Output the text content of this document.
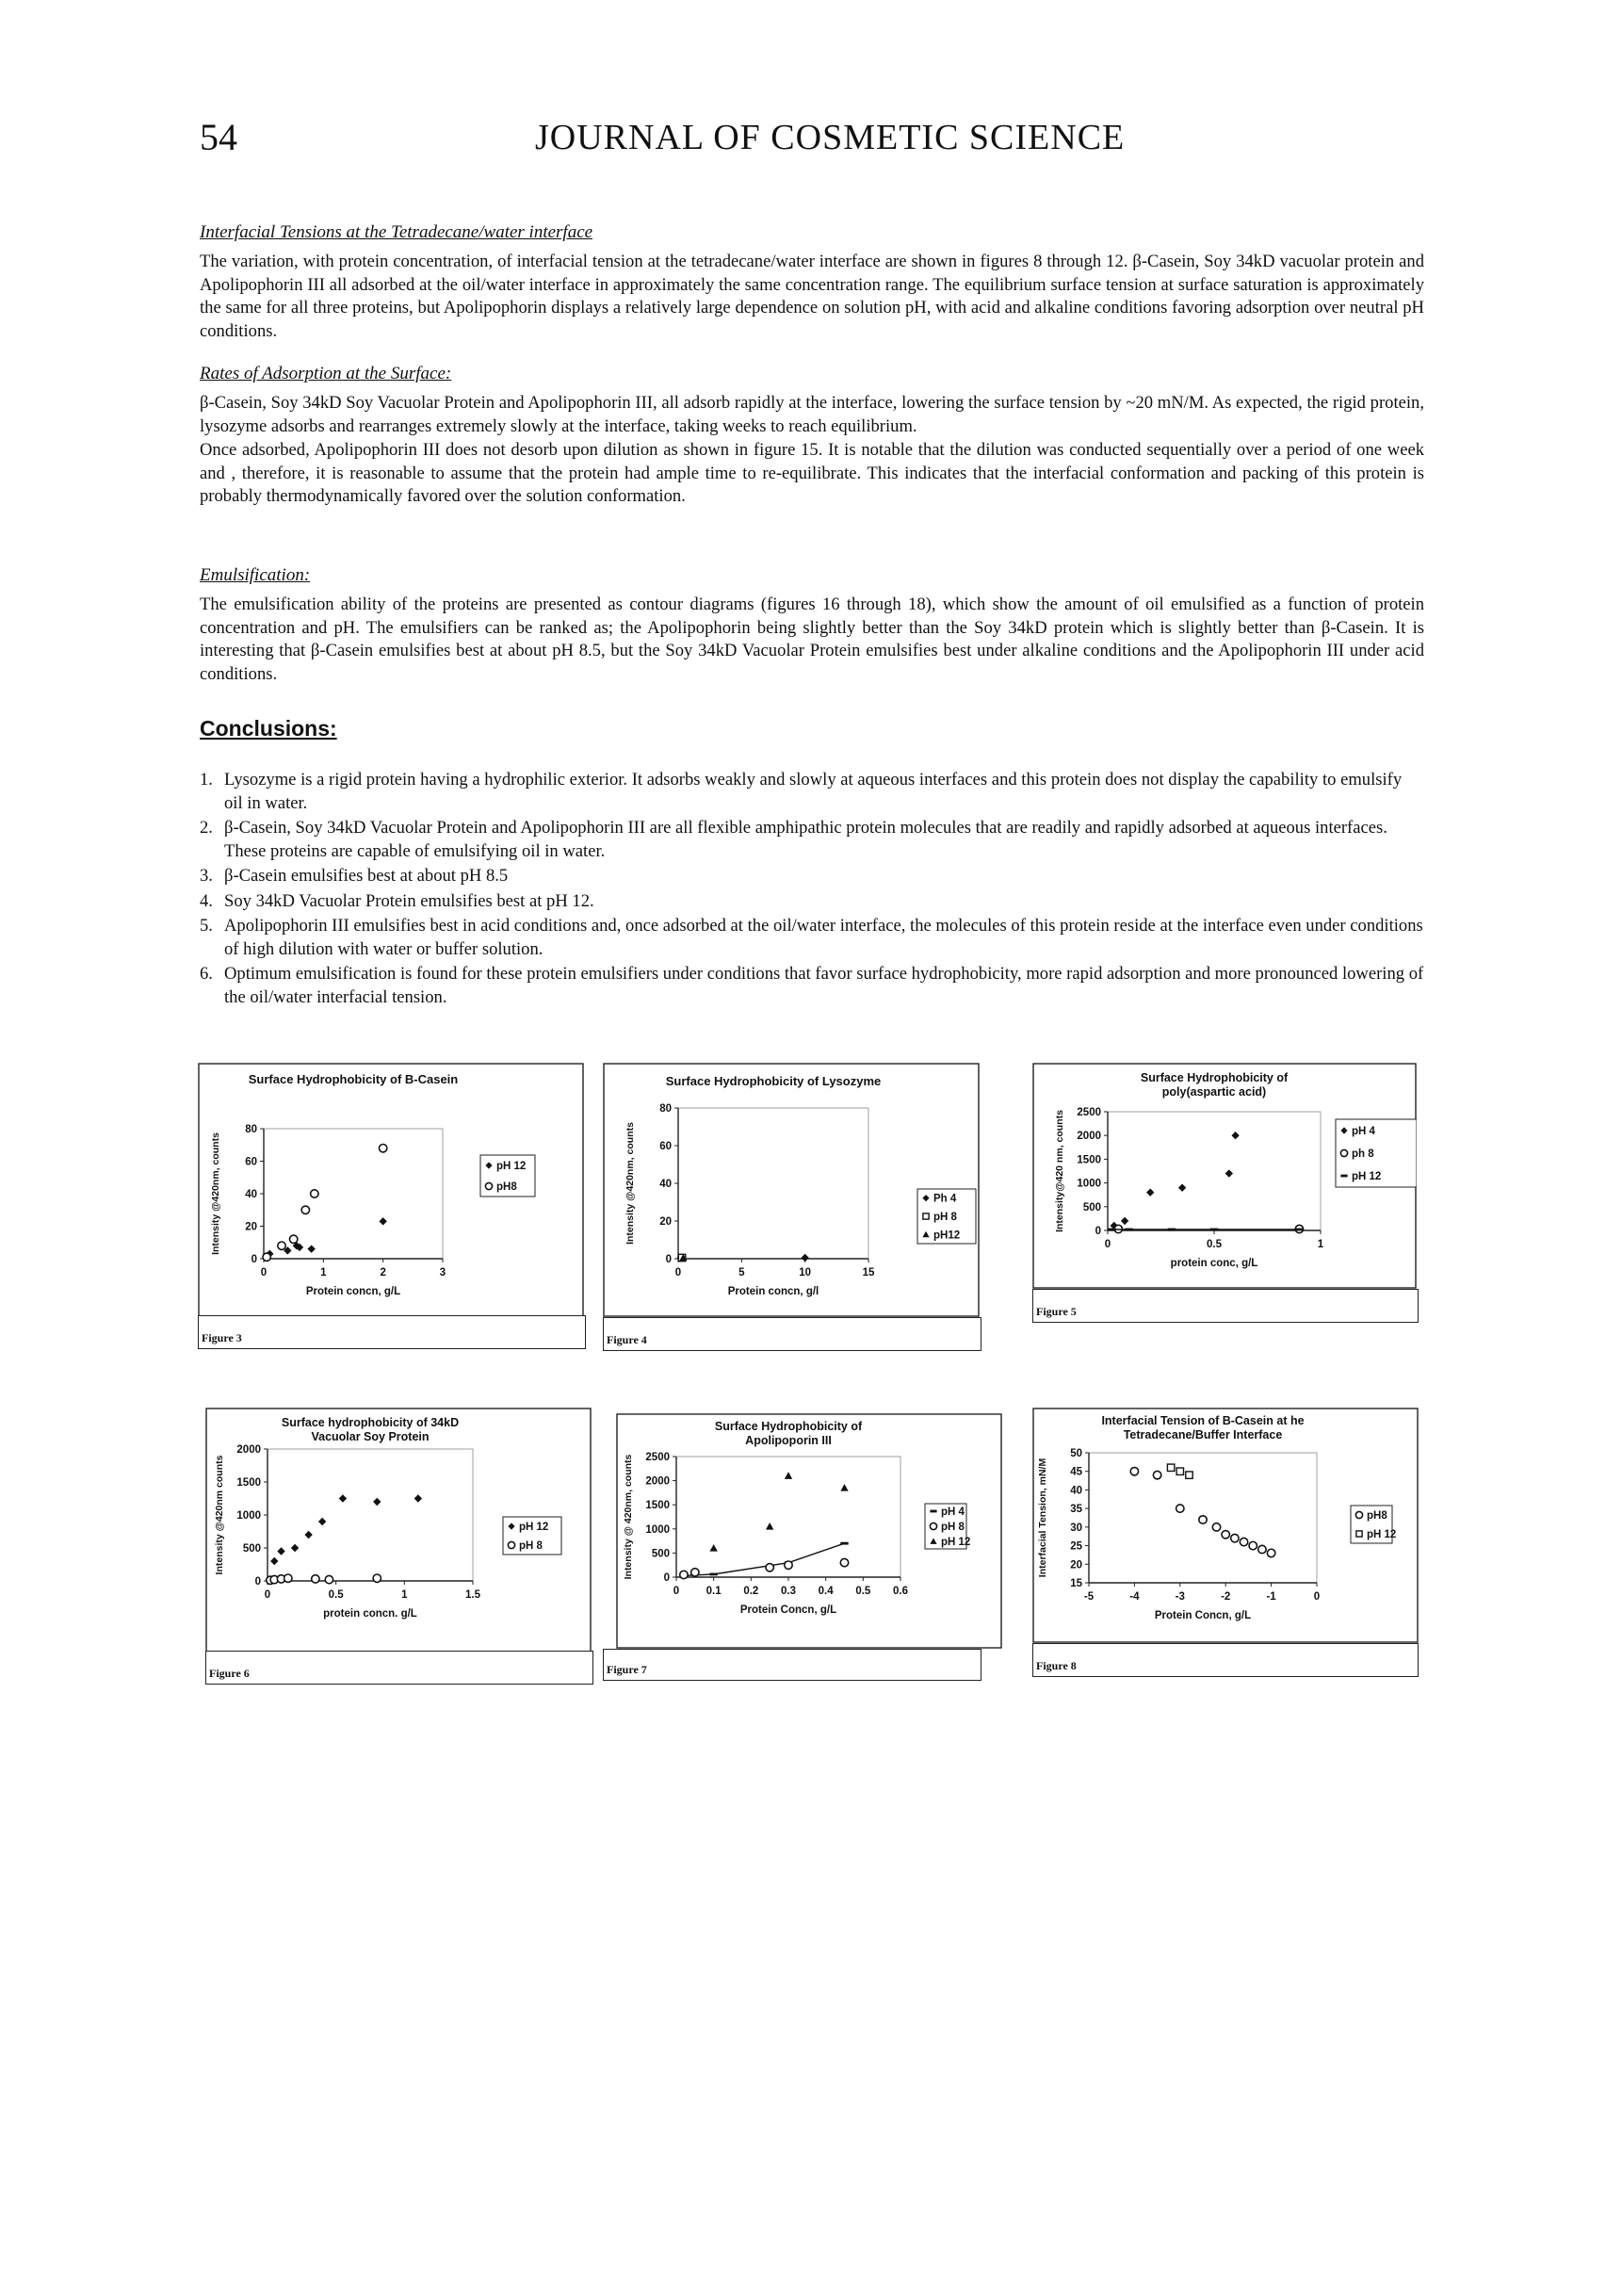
54	JOURNAL OF COSMETIC SCIENCE
Interfacial Tensions at the Tetradecane/water interface
The variation, with protein concentration, of interfacial tension at the tetradecane/water interface are shown in figures 8 through 12. β-Casein, Soy 34kD vacuolar protein and Apolipophorin III all adsorbed at the oil/water interface in approximately the same concentration range. The equilibrium surface tension at surface saturation is approximately the same for all three proteins, but Apolipophorin displays a relatively large dependence on solution pH, with acid and alkaline conditions favoring adsorption over neutral pH conditions.
Rates of Adsorption at the Surface:
β-Casein, Soy 34kD Soy Vacuolar Protein and Apolipophorin III, all adsorb rapidly at the interface, lowering the surface tension by ~20 mN/M. As expected, the rigid protein, lysozyme adsorbs and rearranges extremely slowly at the interface, taking weeks to reach equilibrium.
Once adsorbed, Apolipophorin III does not desorb upon dilution as shown in figure 15. It is notable that the dilution was conducted sequentially over a period of one week and , therefore, it is reasonable to assume that the protein had ample time to re-equilibrate. This indicates that the interfacial conformation and packing of this protein is probably thermodynamically favored over the solution conformation.
Emulsification:
The emulsification ability of the proteins are presented as contour diagrams (figures 16 through 18), which show the amount of oil emulsified as a function of protein concentration and pH. The emulsifiers can be ranked as; the Apolipophorin being slightly better than the Soy 34kD protein which is slightly better than β-Casein. It is interesting that β-Casein emulsifies best at about pH 8.5, but the Soy 34kD Vacuolar Protein emulsifies best under alkaline conditions and the Apolipophorin III under acid conditions.
Conclusions:
1. Lysozyme is a rigid protein having a hydrophilic exterior. It adsorbs weakly and slowly at aqueous interfaces and this protein does not display the capability to emulsify oil in water.
2. β-Casein, Soy 34kD Vacuolar Protein and Apolipophorin III are all flexible amphipathic protein molecules that are readily and rapidly adsorbed at aqueous interfaces. These proteins are capable of emulsifying oil in water.
3. β-Casein emulsifies best at about pH 8.5
4. Soy 34kD Vacuolar Protein emulsifies best at pH 12.
5. Apolipophorin III emulsifies best in acid conditions and, once adsorbed at the oil/water interface, the molecules of this protein reside at the interface even under conditions of high dilution with water or buffer solution.
6. Optimum emulsification is found for these protein emulsifiers under conditions that favor surface hydrophobicity, more rapid adsorption and more pronounced lowering of the oil/water interfacial tension.
Surface Hydrophobicity of B-Casein
0	1	2	3
0
20
40
60
80
Protein concn, g/L
Intensity @420nm, counts	pH 12
pH8
Figure 3
Surface Hydrophobicity of Lysozyme
0	5	10	15
0
20
40
60
80
Protein concn, g/l
Intensity @420nm, counts	Ph 4
pH 8
pH12
Figure 4
Surface Hydrophobicity of
poly(aspartic acid)
0	0.5	1
0
500
1000
1500
2000
2500
protein conc, g/L
Intensity@420 nm, counts	pH 4
ph 8
pH 12
Figure 5
Surface hydrophobicity of 34kD
Vacuolar Soy Protein
0	0.5	1	1.5
0
500
1000
1500
2000
protein concn. g/L
Intensity @420nm counts	pH 12
pH 8
Figure 6
Surface Hydrophobicity of
Apolipoporin III
0 0.1 0.2 0.3 0.4 0.5 0.6
0
500
1000
1500
2000
2500
Protein Concn, g/L
Intensity @ 420nm, counts	pH 4
pH 8
pH 12
Figure 7
Interfacial Tension of B-Casein at he
Tetradecane/Buffer Interface
-5	-4	-3	-2	-1	0
15
20
25
30
35
40
45
50
Protein Concn, g/L
Interfacial Tension, mN/M	pH8
pH 12
Figure 8
